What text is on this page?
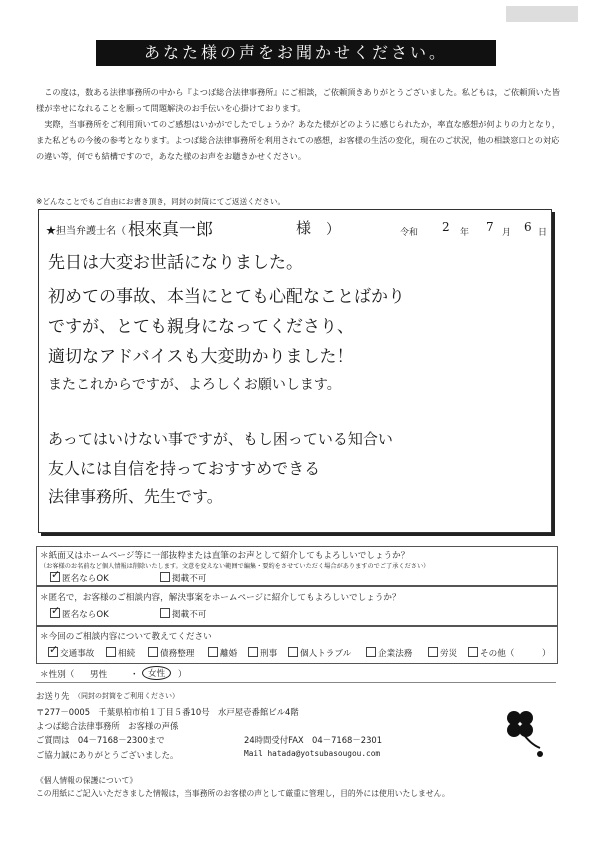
あなた様の声をお聞かせください。

この度は，数ある法律事務所の中から『よつば総合法律事務所』にご相談，ご依頼頂きありがとうございました。私どもは，ご依頼頂いた皆様が幸せになれることを願って問題解決のお手伝いを心掛けております。

実際，当事務所をご利用頂いてのご感想はいかがでしたでしょうか？あなた様がどのように感じられたか，率直な感想が何よりの力となり，また私どもの今後の参考となります。よつば総合法律事務所を利用されての感想，お客様の生活の変化，現在のご状況，他の相談窓口との対応の違い等，何でも結構ですので，あなた様のお声をお聴きかせください。

※どんなことでもご自由にお書き頂き，同封の封筒にてご返送ください。
★担当弁護士名（ 根來真一郎	様 ）	令和 2 年 7 月 6 日
先日は大変お世話になりました。
初めての事故、本当にとても心配なことばかり
ですが、とても親身になってくださり、
適切なアドバイスも大変助かりました！
またこれからですが、よろしくお願いします。
あってはいけない事ですが、もし困っている知合い
友人には自信を持っておすすめできる
法律事務所、先生です。
＊紙面又はホームページ等に一部抜粋または直筆のお声として紹介してもよろしいでしょうか？
（お客様のお名前など個人情報は削除いたします。文意を変えない範囲で編集・要約をさせていただく場合がありますのでご了承ください）
✓匿名ならOK	掲載不可
＊匿名で，お客様のご相談内容，解決事案をホームページに紹介してもよろしいでしょうか？
✓匿名ならOK	掲載不可
＊今回のご相談内容について教えてください
✓交通事故	相続	債務整理	離婚	刑事	個人トラブル	企業法務	労災	その他（	）
＊性別（ 男性	・	女性	）
お送り先 （同封の封筒をご利用ください）
〒277－0005　千葉県柏市柏１丁目５番10号　水戸屋壱番館ビル4階
よつば総合法律事務所　お客様の声係
ご質問は　04－7168－2300まで	24時間受付FAX　04－7168－2301
ご協力誠にありがとうございました。	Mail hatada@yotsubasougou.com
《個人情報の保護について》
この用紙にご記入いただきました情報は，当事務所のお客様の声として厳重に管理し，目的外には使用いたしません。
